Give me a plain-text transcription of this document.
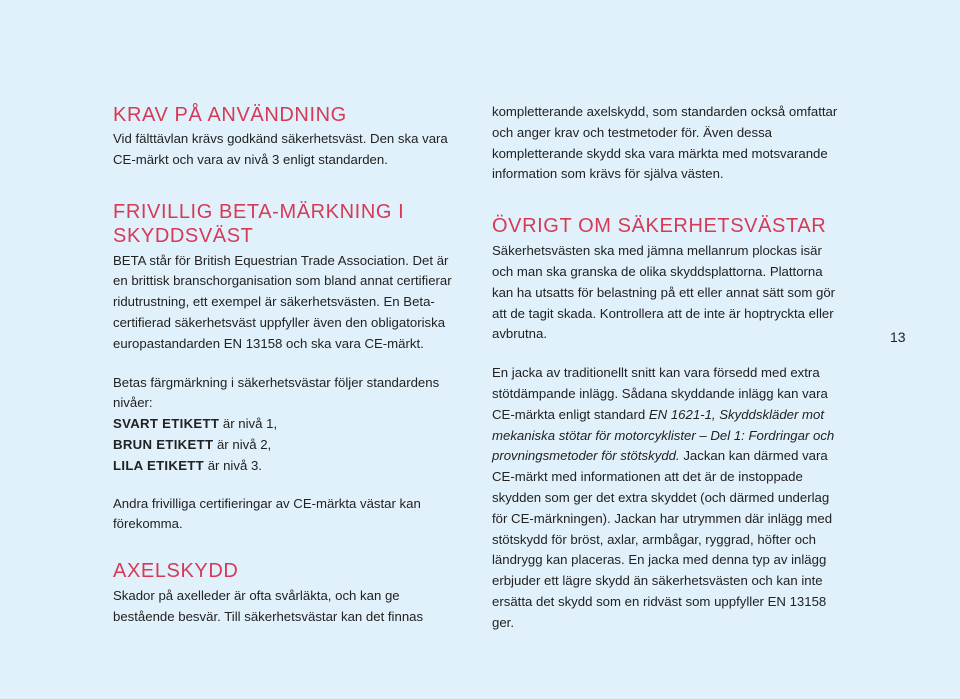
KRAV PÅ ANVÄNDNING

Vid fälttävlan krävs godkänd säkerhetsväst. Den ska vara CE-märkt och vara av nivå 3 enligt standarden.

FRIVILLIG BETA-MÄRKNING I SKYDDSVÄST

BETA står för British Equestrian Trade Association. Det är en brittisk branschorganisation som bland annat certifierar ridutrustning, ett exempel är säkerhetsvästen. En Beta-certifierad säkerhetsväst uppfyller även den obligatoriska europastandarden EN 13158 och ska vara CE-märkt.

Betas färgmärkning i säkerhetsvästar följer standardens nivåer:

SVART ETIKETT är nivå 1,

BRUN ETIKETT är nivå 2,

LILA ETIKETT är nivå 3.

Andra frivilliga certifieringar av CE-märkta västar kan förekomma.

AXELSKYDD

Skador på axelleder är ofta svårläkta, och kan ge bestående besvär. Till säkerhetsvästar kan det finnas

kompletterande axelskydd, som standarden också omfattar och anger krav och testmetoder för. Även dessa kompletterande skydd ska vara märkta med motsvarande information som krävs för själva västen.

ÖVRIGT OM SÄKERHETSVÄSTAR

Säkerhetsvästen ska med jämna mellanrum plockas isär och man ska granska de olika skyddsplattorna. Plattorna kan ha utsatts för belastning på ett eller annat sätt som gör att de tagit skada. Kontrollera att de inte är hoptryckta eller avbrutna.

En jacka av traditionellt snitt kan vara försedd med extra stötdämpande inlägg. Sådana skyddande inlägg kan vara CE-märkta enligt standard EN 1621-1, Skyddskläder mot mekaniska stötar för motorcyklister – Del 1: Fordringar och provningsmetoder för stötskydd. Jackan kan därmed vara CE-märkt med informationen att det är de instoppade skydden som ger det extra skyddet (och därmed underlag för CE-märkningen). Jackan har utrymmen där inlägg med stötskydd för bröst, axlar, armbågar, ryggrad, höfter och ländrygg kan placeras. En jacka med denna typ av inlägg erbjuder ett lägre skydd än säkerhetsvästen och kan inte ersätta det skydd som en ridväst som uppfyller EN 13158 ger.

13
